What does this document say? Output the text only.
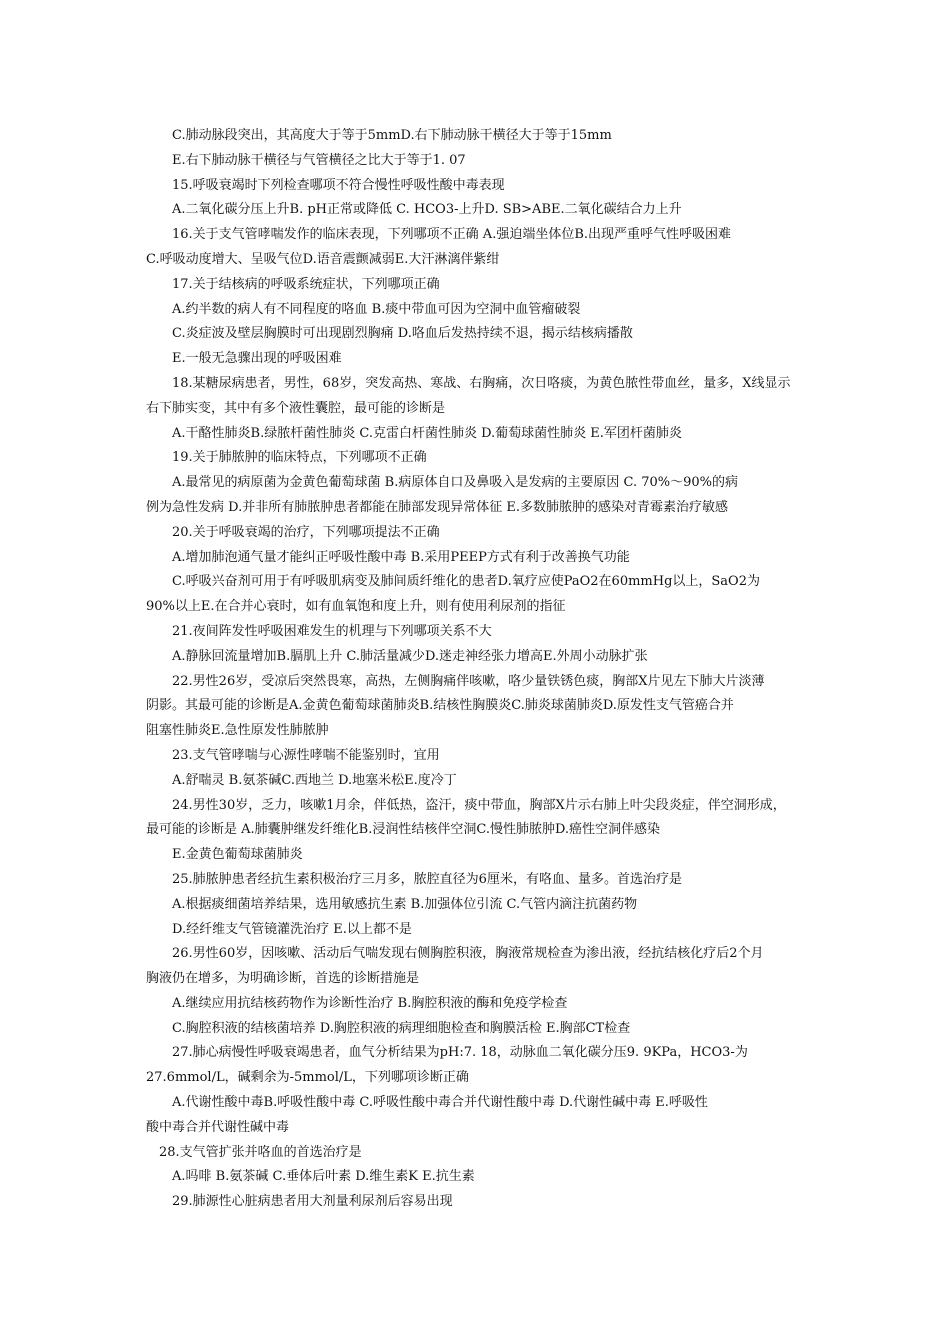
C.肺动脉段突出，其高度大于等于5mmD.右下肺动脉干横径大于等于15mm
E.右下肺动脉干横径与气管横径之比大于等于1. 07
15.呼吸衰竭时下列检查哪项不符合慢性呼吸性酸中毒表现
A.二氧化碳分压上升B. pH正常或降低 C. HCO3-上升D. SB>ABE.二氧化碳结合力上升
16.关于支气管哮喘发作的临床表现，下列哪项不正确 A.强迫端坐体位B.出现严重呼气性呼吸困难
C.呼吸动度增大、呈吸气位D.语音震颤减弱E.大汗淋漓伴紫绀
17.关于结核病的呼吸系统症状，下列哪项正确
A.约半数的病人有不同程度的咯血 B.痰中带血可因为空洞中血管瘤破裂
C.炎症波及壁层胸膜时可出现剧烈胸痛 D.咯血后发热持续不退，揭示结核病播散
E.一般无急骤出现的呼吸困难
18.某糖尿病患者，男性，68岁，突发高热、寒战、右胸痛，次日咯痰，为黄色脓性带血丝，量多，X线显示
右下肺实变，其中有多个液性囊腔，最可能的诊断是
A.干酪性肺炎B.绿脓杆菌性肺炎 C.克雷白杆菌性肺炎 D.葡萄球菌性肺炎 E.军团杆菌肺炎
19.关于肺脓肿的临床特点，下列哪项不正确
A.最常见的病原菌为金黄色葡萄球菌 B.病原体自口及鼻吸入是发病的主要原因 C. 70%～90%的病
例为急性发病 D.并非所有肺脓肿患者都能在肺部发现异常体征 E.多数肺脓肿的感染对青霉素治疗敏感
20.关于呼吸衰竭的治疗，下列哪项提法不正确
A.增加肺泡通气量才能纠正呼吸性酸中毒 B.采用PEEP方式有利于改善换气功能
C.呼吸兴奋剂可用于有呼吸肌病变及肺间质纤维化的患者D.氧疗应使PaO2在60mmHg以上，SaO2为
90%以上E.在合并心衰时，如有血氧饱和度上升，则有使用利尿剂的指征
21.夜间阵发性呼吸困难发生的机理与下列哪项关系不大
A.静脉回流量增加B.膈肌上升 C.肺活量减少D.迷走神经张力增高E.外周小动脉扩张
22.男性26岁，受凉后突然畏寒，高热，左侧胸痛伴咳嗽，咯少量铁锈色痰，胸部X片见左下肺大片淡薄
阴影。其最可能的诊断是A.金黄色葡萄球菌肺炎B.结核性胸膜炎C.肺炎球菌肺炎D.原发性支气管癌合并
阻塞性肺炎E.急性原发性肺脓肿
23.支气管哮喘与心源性哮喘不能鉴别时，宜用
A.舒喘灵 B.氨茶碱C.西地兰 D.地塞米松E.度冷丁
24.男性30岁，乏力，咳嗽1月余，伴低热，盗汗，痰中带血，胸部X片示右肺上叶尖段炎症，伴空洞形成，
最可能的诊断是 A.肺囊肿继发纤维化B.浸润性结核伴空洞C.慢性肺脓肿D.癌性空洞伴感染
E.金黄色葡萄球菌肺炎
25.肺脓肿患者经抗生素积极治疗三月多，脓腔直径为6厘米，有咯血、量多。首选治疗是
A.根据痰细菌培养结果，选用敏感抗生素 B.加强体位引流 C.气管内滴注抗菌药物
D.经纤维支气管镜灌洗治疗 E.以上都不是
26.男性60岁，因咳嗽、活动后气喘发现右侧胸腔积液，胸液常规检查为渗出液，经抗结核化疗后2个月
胸液仍在增多，为明确诊断，首选的诊断措施是
A.继续应用抗结核药物作为诊断性治疗 B.胸腔积液的酶和免疫学检查
C.胸腔积液的结核菌培养 D.胸腔积液的病理细胞检查和胸膜活检 E.胸部CT检查
27.肺心病慢性呼吸衰竭患者，血气分析结果为pH:7. 18，动脉血二氧化碳分压9. 9KPa，HCO3-为
27.6mmol/L，碱剩余为-5mmol/L，下列哪项诊断正确
A.代谢性酸中毒B.呼吸性酸中毒 C.呼吸性酸中毒合并代谢性酸中毒 D.代谢性碱中毒 E.呼吸性
酸中毒合并代谢性碱中毒
28.支气管扩张并咯血的首选治疗是
A.吗啡 B.氨茶碱 C.垂体后叶素 D.维生素K E.抗生素
29.肺源性心脏病患者用大剂量利尿剂后容易出现
